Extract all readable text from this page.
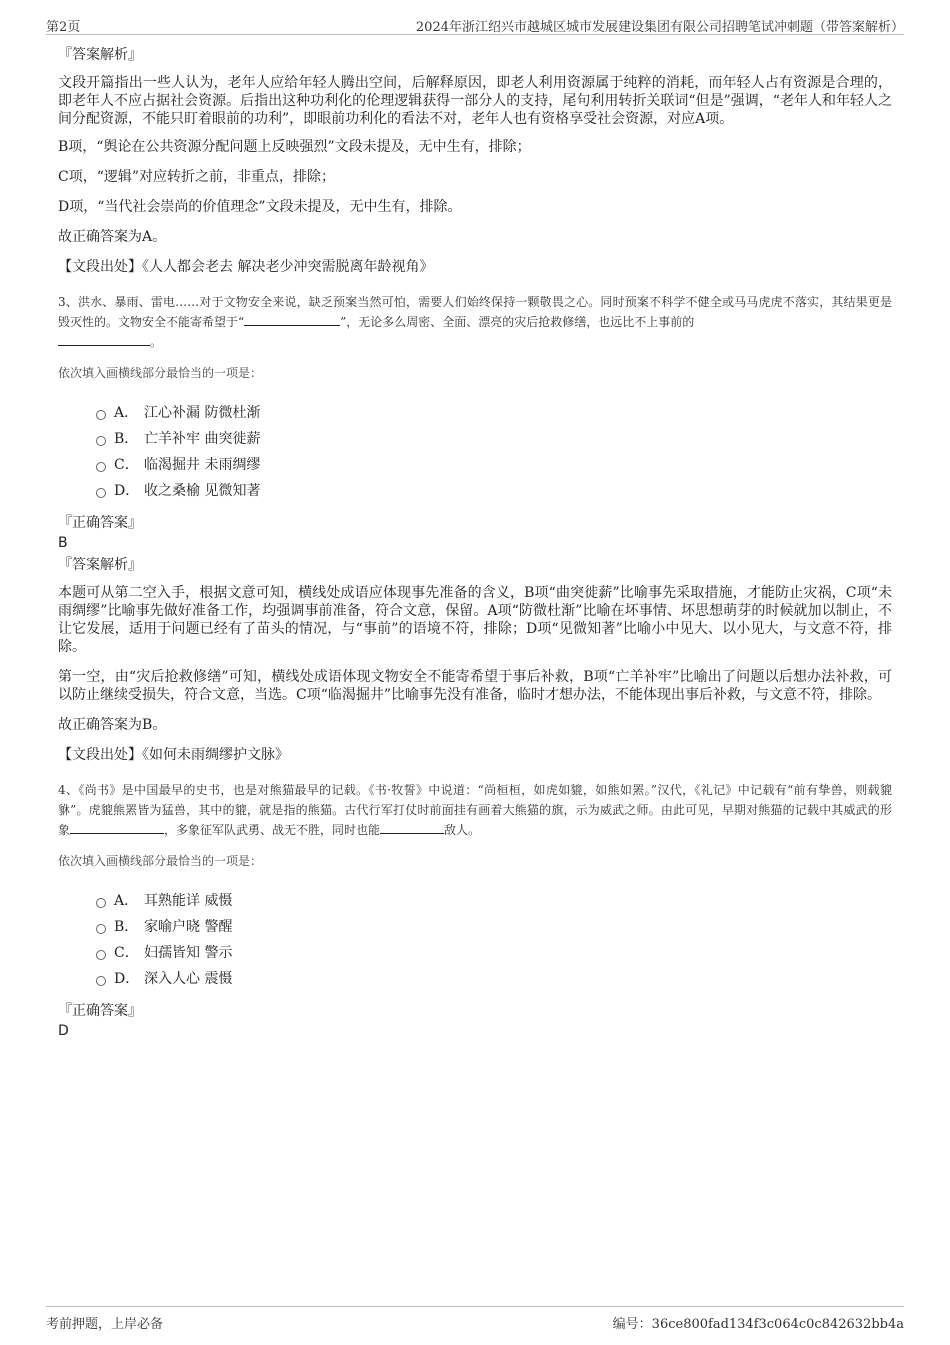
第2页	2024年浙江绍兴市越城区城市发展建设集团有限公司招聘笔试冲刺题（带答案解析）
『答案解析』

文段开篇指出一些人认为，老年人应给年轻人腾出空间，后解释原因，即老人利用资源属于纯粹的消耗，而年轻人占有资源是合理的，即老年人不应占据社会资源。后指出这种功利化的伦理逻辑获得一部分人的支持，尾句利用转折关联词“但是”强调，“老年人和年轻人之间分配资源，不能只盯着眼前的功利”，即眼前功利化的看法不对，老年人也有资格享受社会资源，对应A项。

B项，“舆论在公共资源分配问题上反映强烈”文段未提及，无中生有，排除；

C项，“逻辑”对应转折之前，非重点，排除；

D项，“当代社会崇尚的价值理念”文段未提及，无中生有，排除。

故正确答案为A。

【文段出处】《人人都会老去 解决老少冲突需脱离年龄视角》

3、洪水、暴雨、雷电……对于文物安全来说，缺乏预案当然可怕，需要人们始终保持一颗敬畏之心。同时预案不科学不健全或马马虎虎不落实，其结果更是毁灭性的。文物安全不能寄希望于“	”，无论多么周密、全面、漂亮的灾后抢救修缮，也远比不上事前的
。

依次填入画横线部分最恰当的一项是：

A． 江心补漏 防微杜渐
B． 亡羊补牢 曲突徙薪
C． 临渴掘井 未雨绸缪
D． 收之桑榆 见微知著
『正确答案』
B
『答案解析』

本题可从第二空入手，根据文意可知，横线处成语应体现事先准备的含义，B项“曲突徙薪”比喻事先采取措施，才能防止灾祸，C项“未雨绸缪”比喻事先做好准备工作，均强调事前准备，符合文意，保留。A项“防微杜渐”比喻在坏事情、坏思想萌芽的时候就加以制止，不让它发展，适用于问题已经有了苗头的情况，与“事前”的语境不符，排除；D项“见微知著”比喻小中见大、以小见大，与文意不符，排除。

第一空，由“灾后抢救修缮”可知，横线处成语体现文物安全不能寄希望于事后补救，B项“亡羊补牢”比喻出了问题以后想办法补救，可以防止继续受损失，符合文意，当选。C项“临渴掘井”比喻事先没有准备，临时才想办法，不能体现出事后补救，与文意不符，排除。

故正确答案为B。

【文段出处】《如何未雨绸缪护文脉》

4、《尚书》是中国最早的史书，也是对熊猫最早的记载。《书·牧誓》中说道：“尚桓桓，如虎如貔，如熊如罴。”汉代，《礼记》中记载有“前有挚兽，则载貔貅”。虎貔熊罴皆为猛兽，其中的貔，就是指的熊猫。古代行军打仗时前面挂有画着大熊猫的旗，示为威武之师。由此可见，早期对熊猫的记载中其威武的形象	，多象征军队武勇、战无不胜，同时也能	敌人。

依次填入画横线部分最恰当的一项是：

A． 耳熟能详 威慑
B． 家喻户晓 警醒
C． 妇孺皆知 警示
D． 深入人心 震慑
『正确答案』
D
考前押题，上岸必备	编号：36ce800fad134f3c064c0c842632bb4a
